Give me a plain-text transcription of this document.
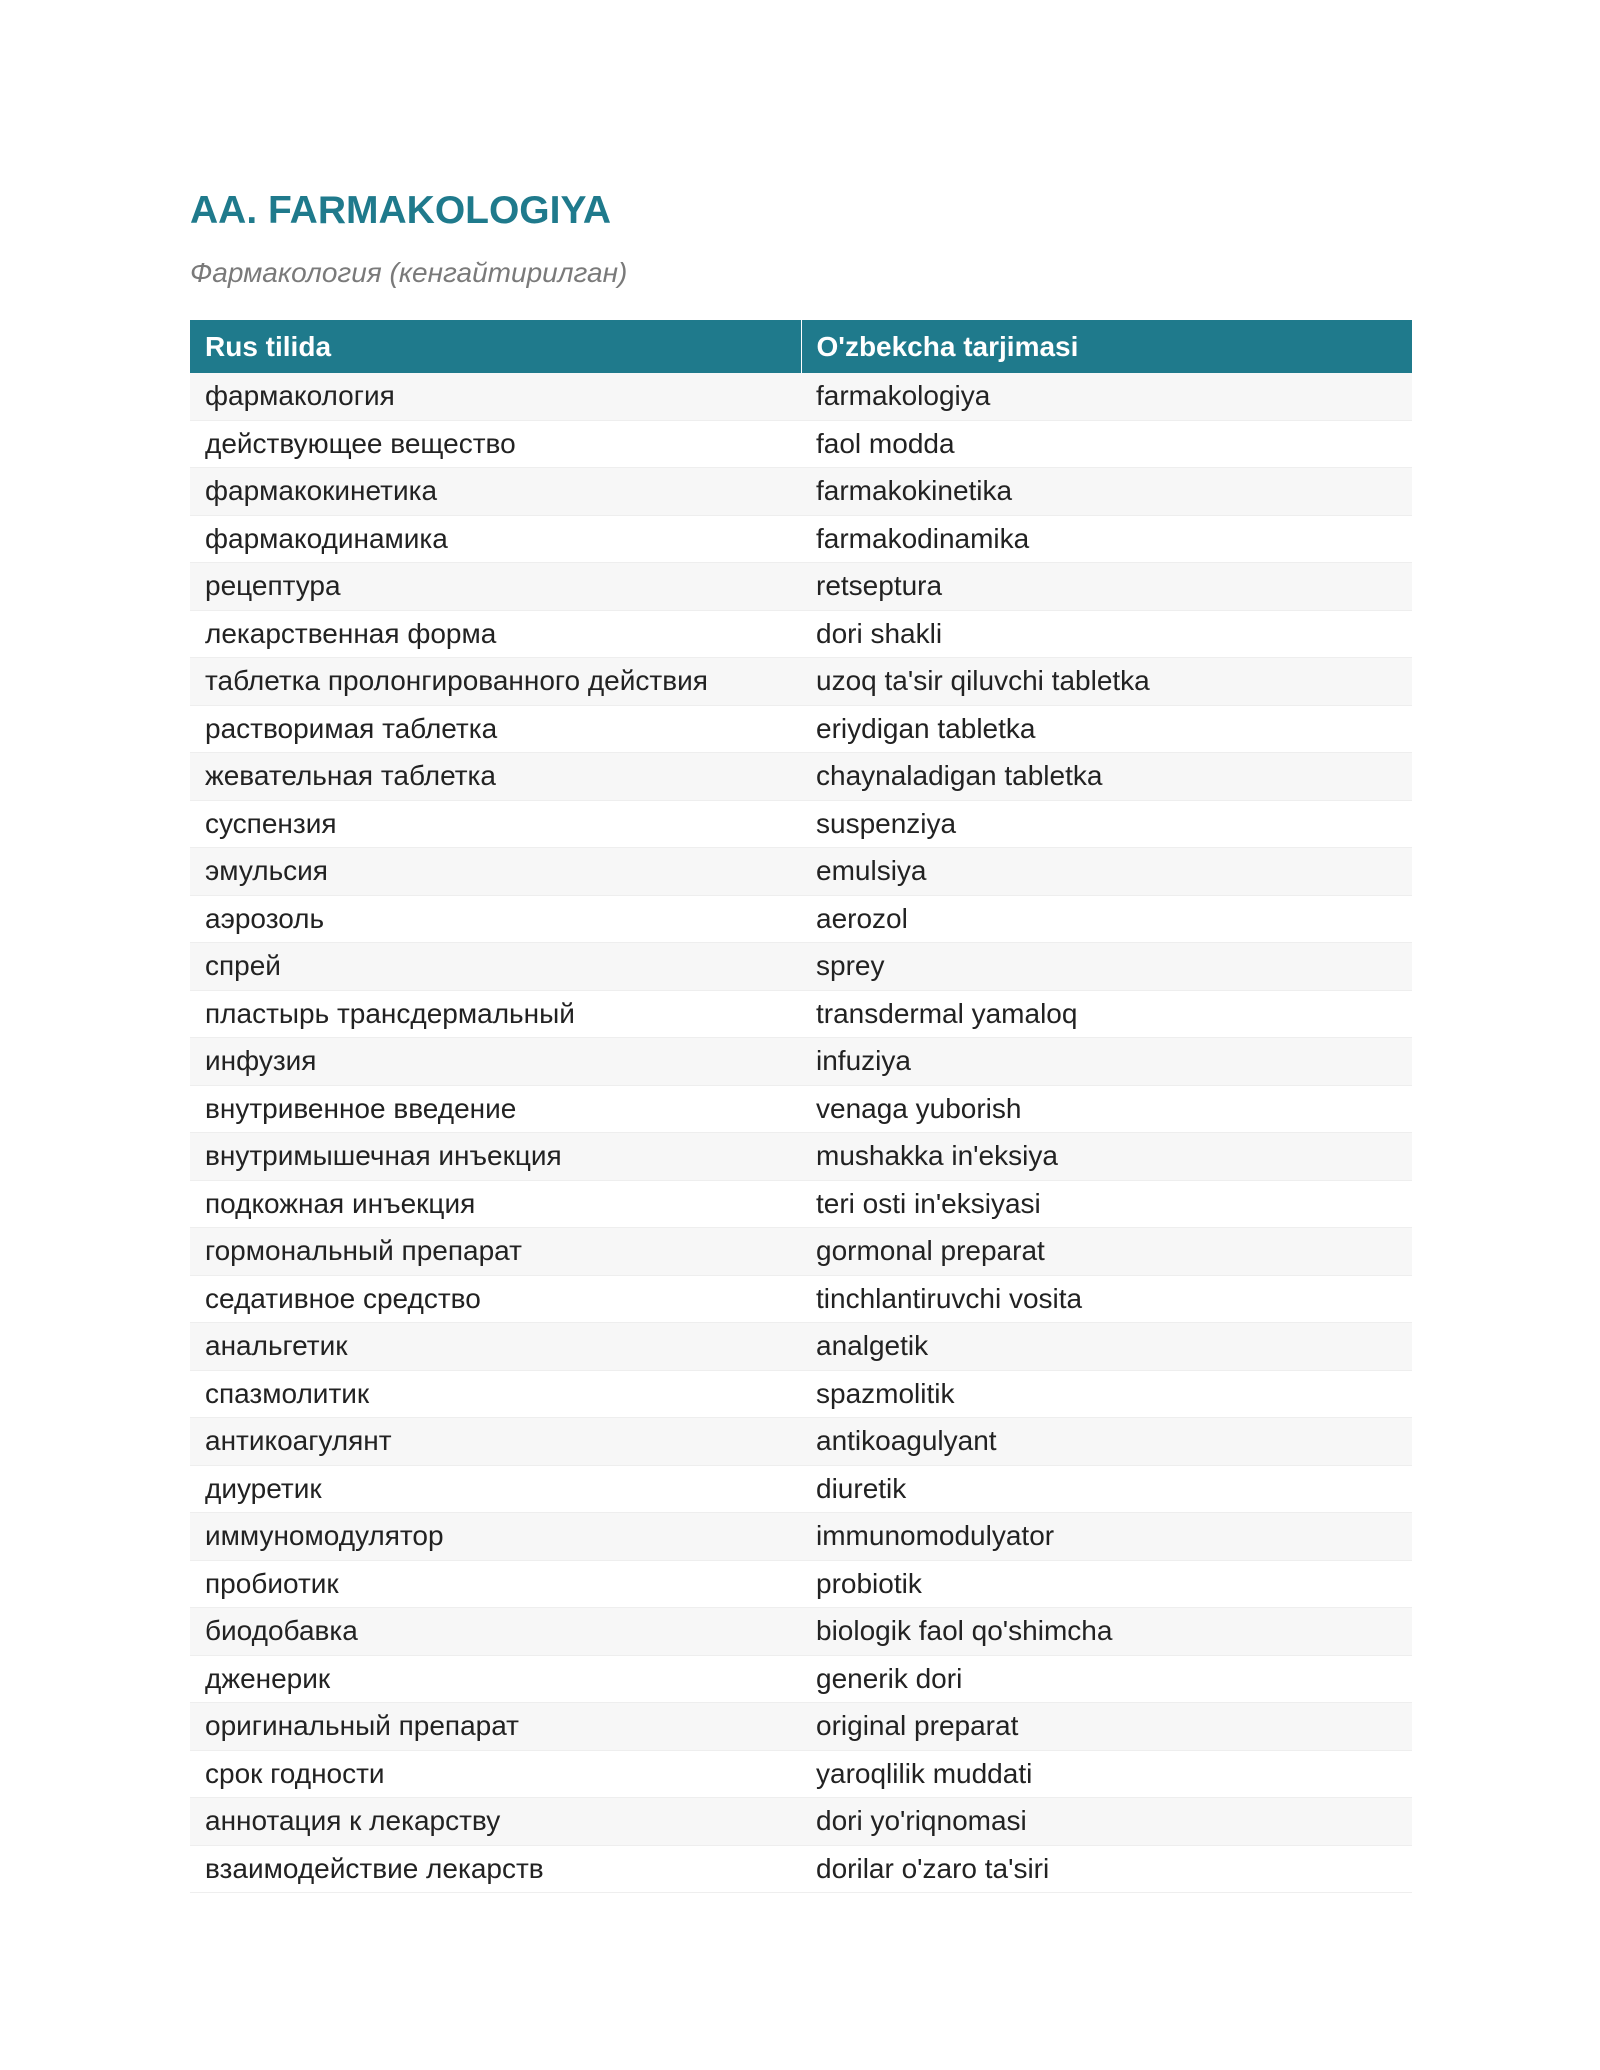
AA. FARMAKOLOGIYA

Фармакология (кенгайтирилган)

Rus tilida	O'zbekcha tarjimasi
фармакология	farmakologiya
действующее вещество	faol modda
фармакокинетика	farmakokinetika
фармакодинамика	farmakodinamika
рецептура	retseptura
лекарственная форма	dori shakli
таблетка пролонгированного действия	uzoq ta'sir qiluvchi tabletka
растворимая таблетка	eriydigan tabletka
жевательная таблетка	chaynaladigan tabletka
суспензия	suspenziya
эмульсия	emulsiya
аэрозоль	aerozol
спрей	sprey
пластырь трансдермальный	transdermal yamaloq
инфузия	infuziya
внутривенное введение	venaga yuborish
внутримышечная инъекция	mushakka in'eksiya
подкожная инъекция	teri osti in'eksiyasi
гормональный препарат	gormonal preparat
седативное средство	tinchlantiruvchi vosita
анальгетик	analgetik
спазмолитик	spazmolitik
антикоагулянт	antikoagulyant
диуретик	diuretik
иммуномодулятор	immunomodulyator
пробиотик	probiotik
биодобавка	biologik faol qo'shimcha
дженерик	generik dori
оригинальный препарат	original preparat
срок годности	yaroqlilik muddati
аннотация к лекарству	dori yo'riqnomasi
взаимодействие лекарств	dorilar o'zaro ta'siri
